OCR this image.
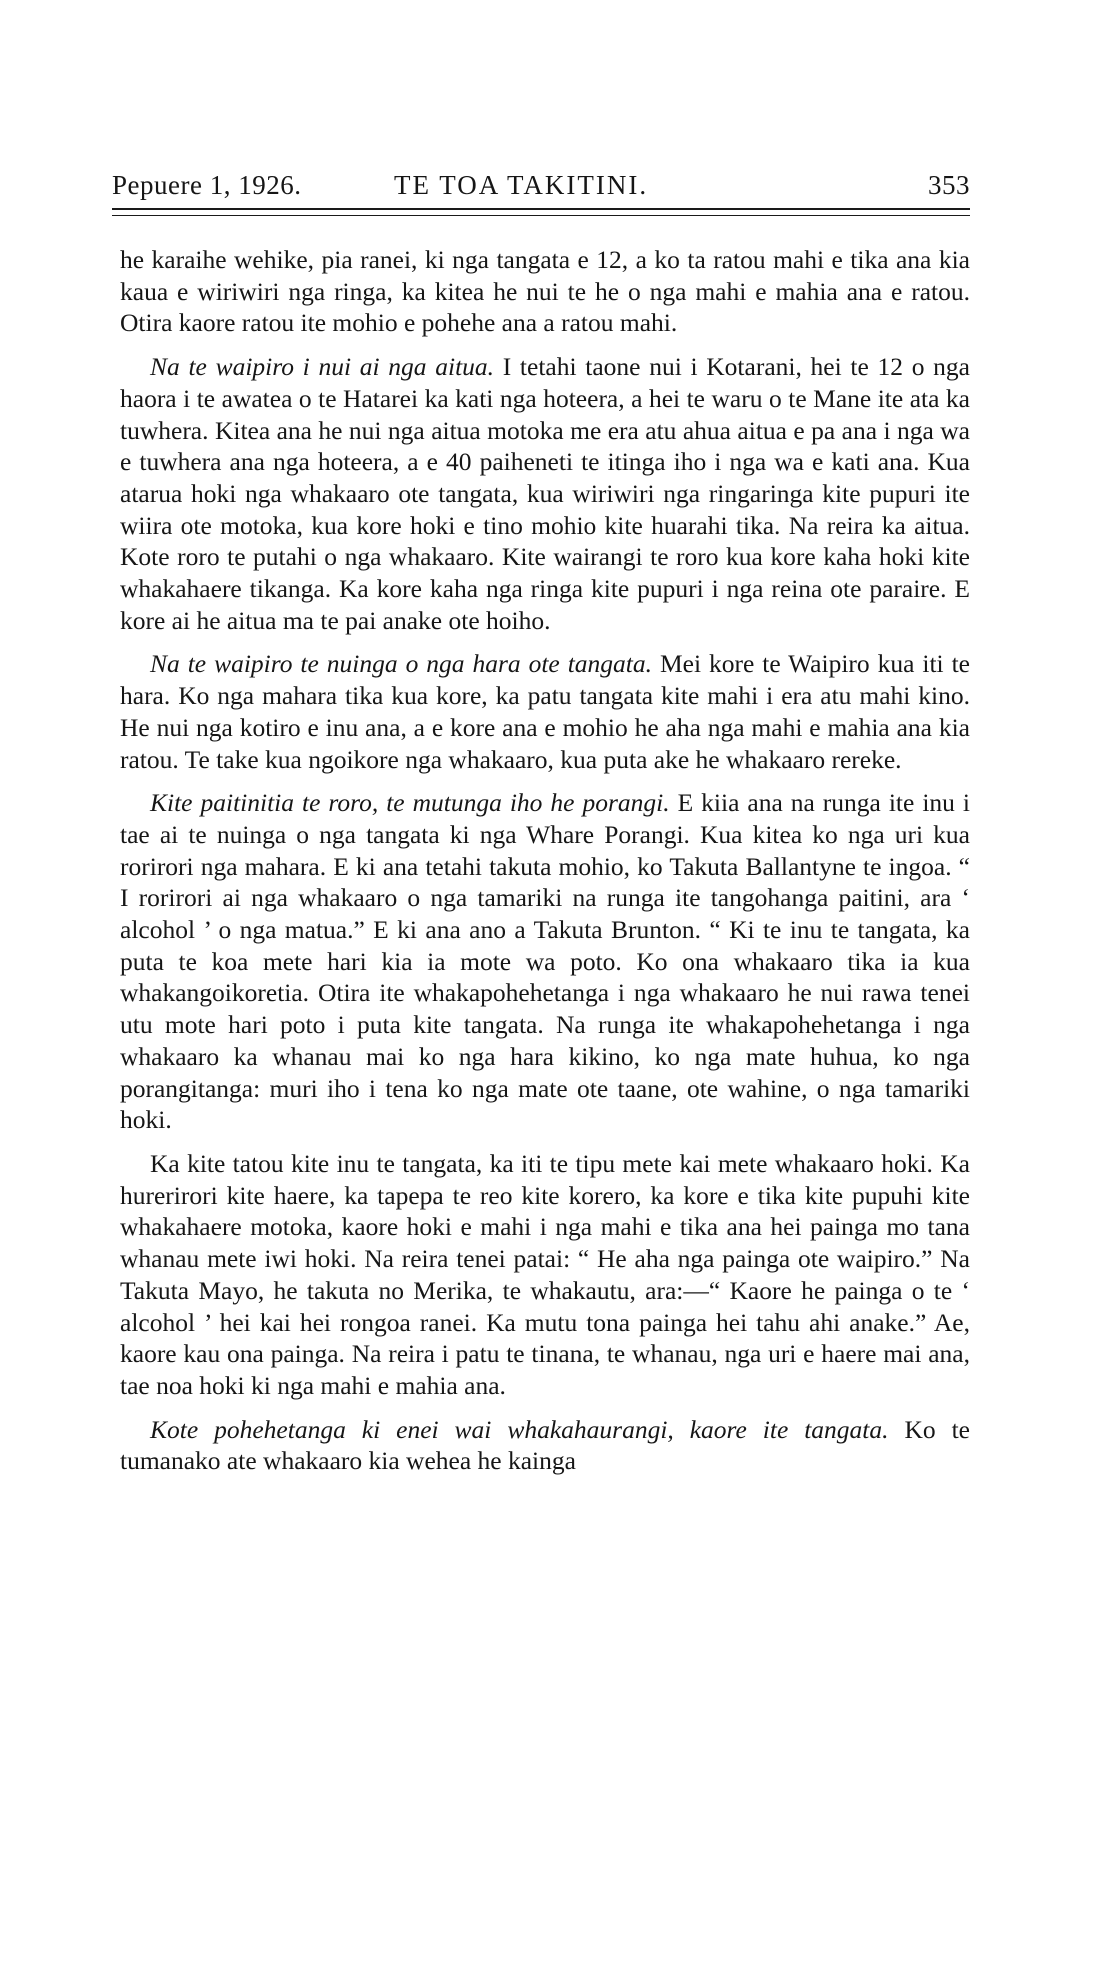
Pepuere 1, 1926.	TE TOA TAKITINI.	353

he karaihe wehike, pia ranei, ki nga tangata e 12, a ko ta ratou mahi e tika ana kia kaua e wiriwiri nga ringa, ka kitea he nui te he o nga mahi e mahia ana e ratou. Otira kaore ratou ite mohio e pohehe ana a ratou mahi.

Na te waipiro i nui ai nga aitua. I tetahi taone nui i Kotarani, hei te 12 o nga haora i te awatea o te Hatarei ka kati nga hoteera, a hei te waru o te Mane ite ata ka tuwhera. Kitea ana he nui nga aitua motoka me era atu ahua aitua e pa ana i nga wa e tuwhera ana nga hoteera, a e 40 paiheneti te itinga iho i nga wa e kati ana. Kua atarua hoki nga whakaaro ote tangata, kua wiriwiri nga ringaringa kite pupuri ite wiira ote motoka, kua kore hoki e tino mohio kite huarahi tika. Na reira ka aitua. Kote roro te putahi o nga whakaaro. Kite wairangi te roro kua kore kaha hoki kite whakahaere tikanga. Ka kore kaha nga ringa kite pupuri i nga reina ote paraire. E kore ai he aitua ma te pai anake ote hoiho.

Na te waipiro te nuinga o nga hara ote tangata. Mei kore te Waipiro kua iti te hara. Ko nga mahara tika kua kore, ka patu tangata kite mahi i era atu mahi kino. He nui nga kotiro e inu ana, a e kore ana e mohio he aha nga mahi e mahia ana kia ratou. Te take kua ngoikore nga whakaaro, kua puta ake he whakaaro rereke.

Kite paitinitia te roro, te mutunga iho he porangi. E kiia ana na runga ite inu i tae ai te nuinga o nga tangata ki nga Whare Porangi. Kua kitea ko nga uri kua rorirori nga mahara. E ki ana tetahi takuta mohio, ko Takuta Ballantyne te ingoa. “ I rorirori ai nga whakaaro o nga tamariki na runga ite tangohanga paitini, ara ‘ alcohol ’ o nga matua.” E ki ana ano a Takuta Brunton. “ Ki te inu te tangata, ka puta te koa mete hari kia ia mote wa poto. Ko ona whakaaro tika ia kua whakangoikoretia. Otira ite whakapohehetanga i nga whakaaro he nui rawa tenei utu mote hari poto i puta kite tangata. Na runga ite whakapohehetanga i nga whakaaro ka whanau mai ko nga hara kikino, ko nga mate huhua, ko nga porangitanga: muri iho i tena ko nga mate ote taane, ote wahine, o nga tamariki hoki.

Ka kite tatou kite inu te tangata, ka iti te tipu mete kai mete whakaaro hoki. Ka hurerirori kite haere, ka tapepa te reo kite korero, ka kore e tika kite pupuhi kite whakahaere motoka, kaore hoki e mahi i nga mahi e tika ana hei painga mo tana whanau mete iwi hoki. Na reira tenei patai: “ He aha nga painga ote waipiro.” Na Takuta Mayo, he takuta no Merika, te whakautu, ara:—“ Kaore he painga o te ‘ alcohol ’ hei kai hei rongoa ranei. Ka mutu tona painga hei tahu ahi anake.” Ae, kaore kau ona painga. Na reira i patu te tinana, te whanau, nga uri e haere mai ana, tae noa hoki ki nga mahi e mahia ana.

Kote pohehetanga ki enei wai whakahaurangi, kaore ite tangata. Ko te tumanako ate whakaaro kia wehea he kainga
